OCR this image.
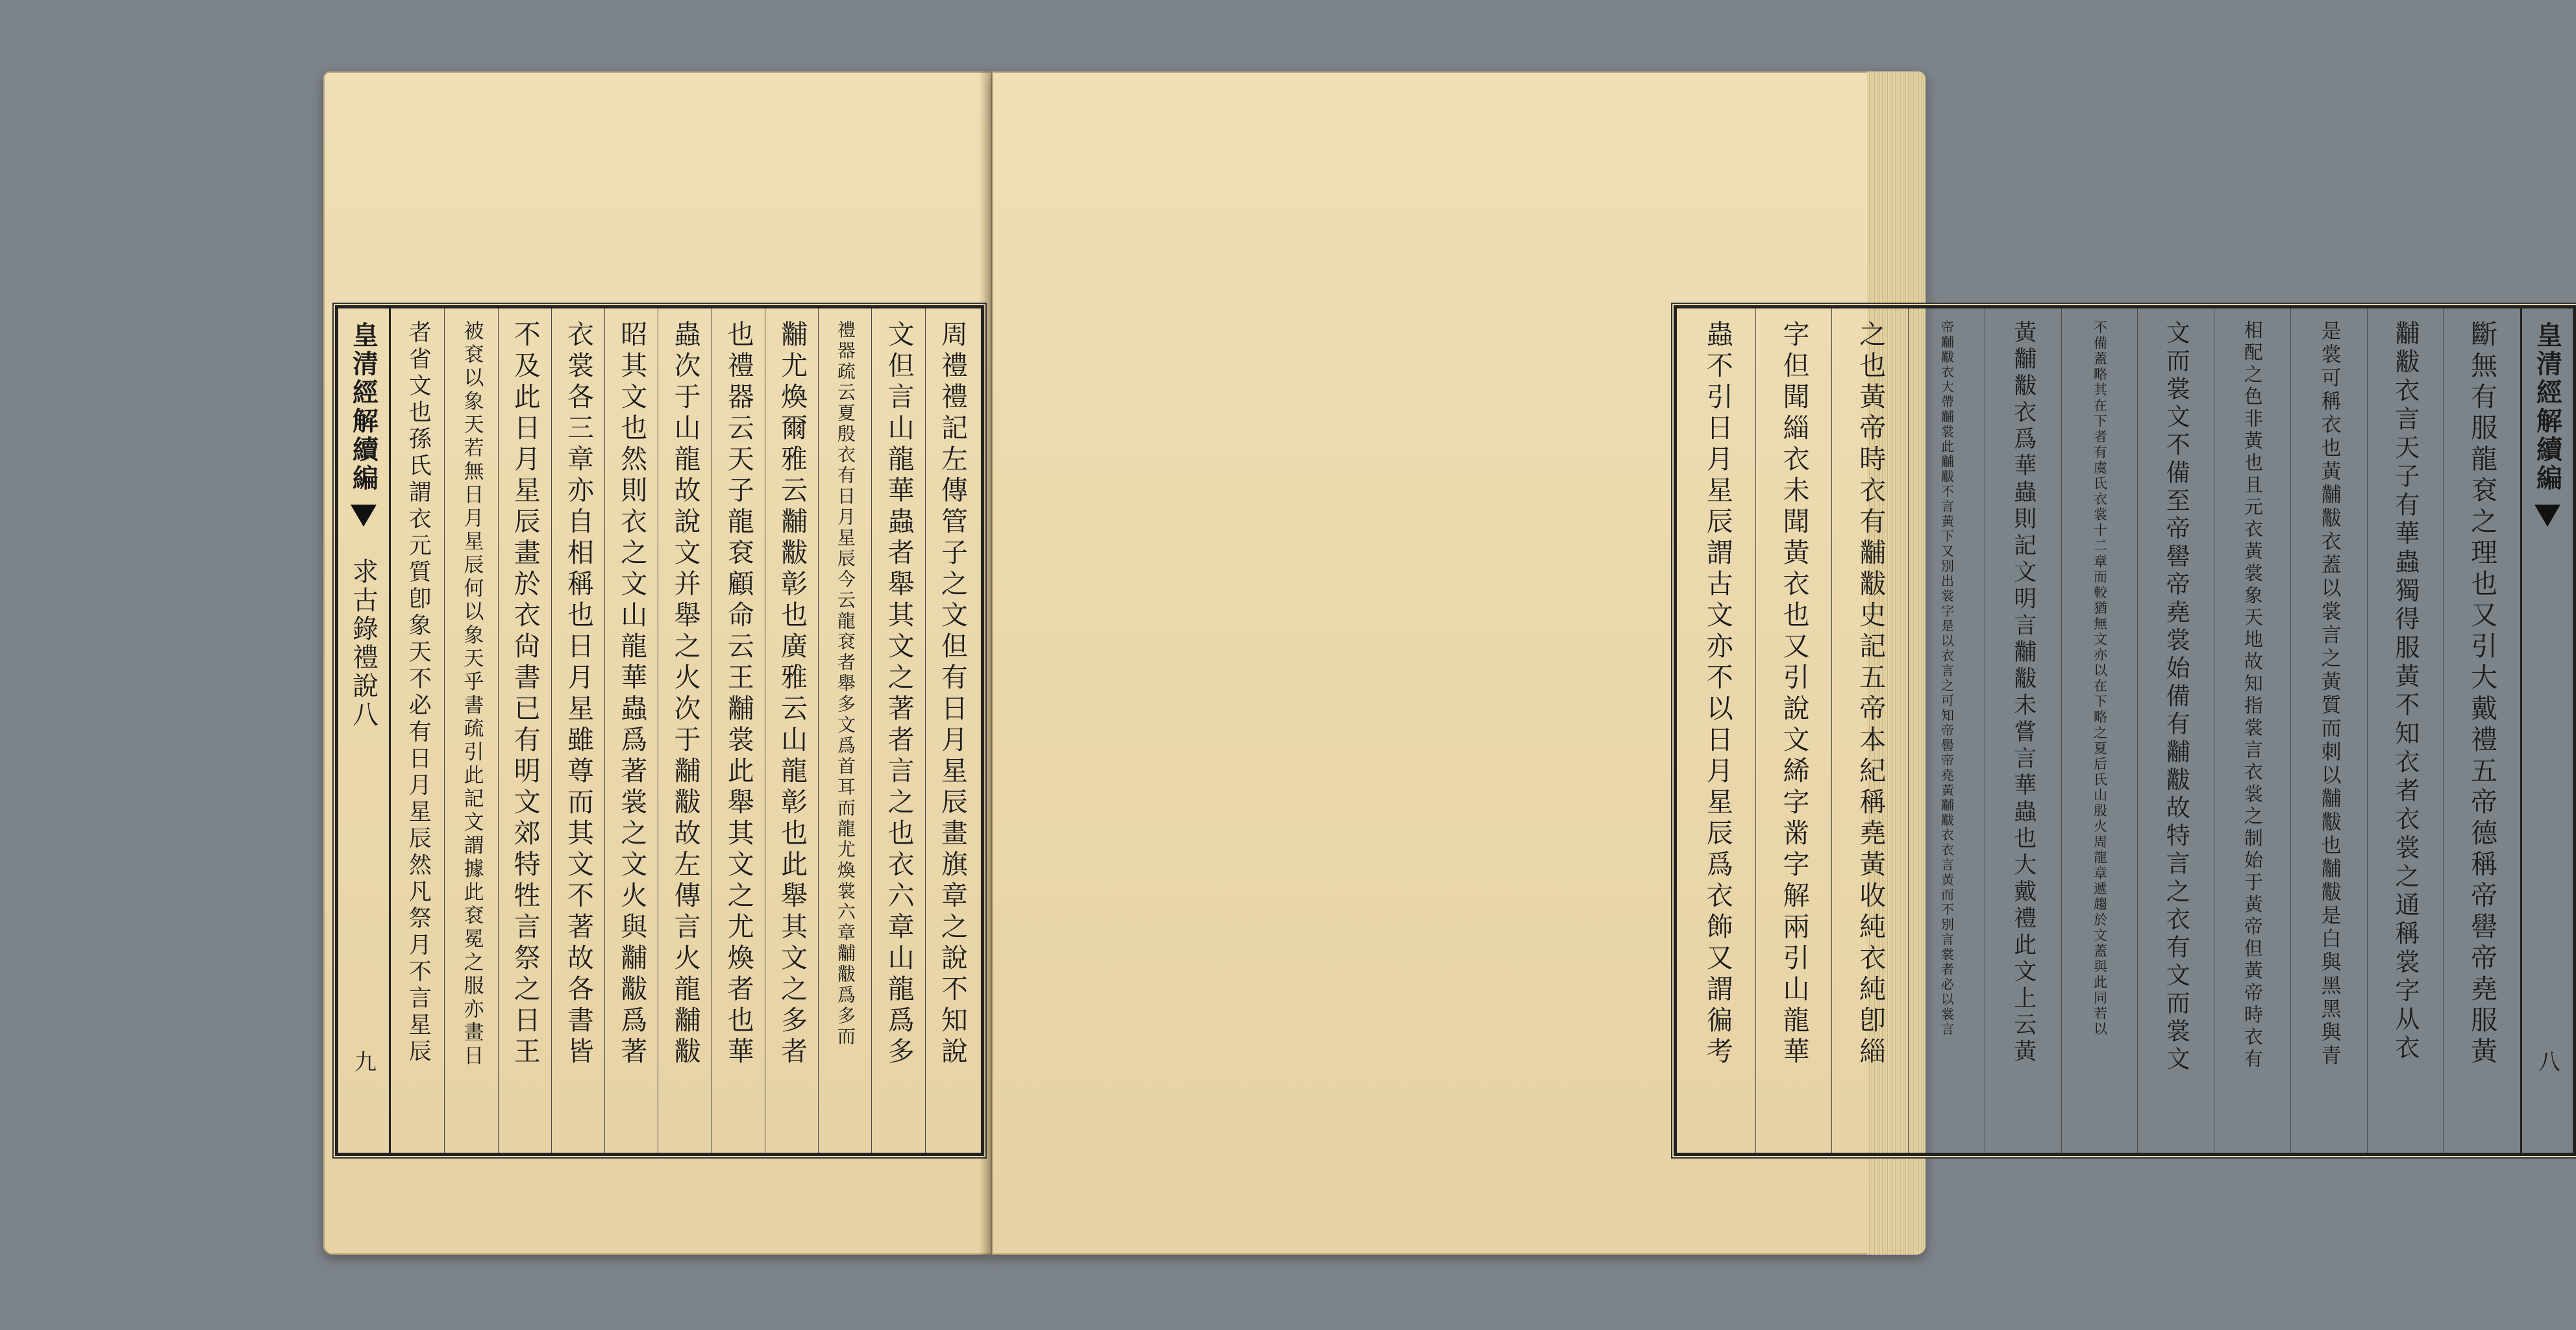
皇清經解續編
求古錄禮說八
九	周禮禮記左傳管子之文但有日月星辰畫旗章之說不知說
文但言山龍華蟲者舉其文之著者言之也衣六章山龍爲多
禮器疏云夏殷衣有日月星辰今云龍袞者舉多文爲首耳而龍尤煥裳六章黼黻爲多而
黼尤煥爾雅云黼黻彰也廣雅云山龍彰也此舉其文之多者
也禮器云天子龍袞顧命云王黼裳此舉其文之尤煥者也華
蟲次于山龍故說文并舉之火次于黼黻故左傳言火龍黼黻
昭其文也然則衣之文山龍華蟲爲著裳之文火與黼黻爲著
衣裳各三章亦自相稱也日月星雖尊而其文不著故各書皆
不及此日月星辰畫於衣尙書已有明文郊特牲言祭之日王
被袞以象天若無日月星辰何以象天乎書疏引此記文謂據此袞冕之服亦畫日
者省文也孫氏謂衣元質卽象天不必有日月星辰然凡祭月不言星辰	皇清經解續編
八
斷無有服龍袞之理也又引大戴禮五帝德稱帝嚳帝堯服黃
黼黻衣言天子有華蟲獨得服黃不知衣者衣裳之通稱裳字从衣
是裳可稱衣也黃黼黻衣蓋以裳言之黃質而刺以黼黻也黼黻是白與黑黑與青
相配之色非黃也且元衣黃裳象天地故知指裳言衣裳之制始于黃帝但黃帝時衣有
文而裳文不備至帝嚳帝堯裳始備有黼黻故特言之衣有文而裳文
不備蓋略其在下者有虞氏衣裳十二章而較猶無文亦以在下略之夏后氏山殷火周龍章遞趨於文蓋與此同若以
黃黼黻衣爲華蟲則記文明言黼黻未嘗言華蟲也大戴禮此文上云黃
帝黼黻衣大帶黼裳此黼黻不言黃下又別出裳字是以衣言之可知帝嚳帝堯黃黼黻衣衣言黃而不別言裳者必以裳言
之也黃帝時衣有黼黻史記五帝本紀稱堯黃收純衣純卽緇
字但聞緇衣未聞黃衣也又引說文絺字黹字解兩引山龍華
蟲不引日月星辰謂古文亦不以日月星辰爲衣飾又謂徧考
